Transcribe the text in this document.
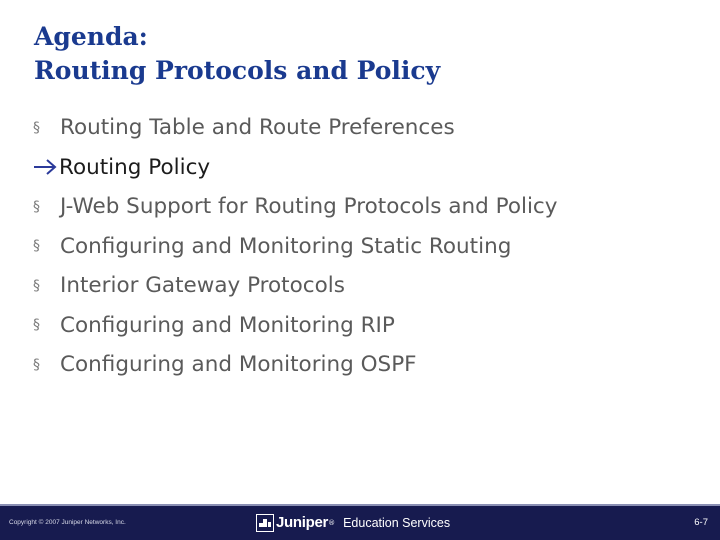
Agenda:
Routing Protocols and Policy
§ Routing Table and Route Preferences
Routing Policy
§ J-Web Support for Routing Protocols and Policy
§ Configuring and Monitoring Static Routing
§ Interior Gateway Protocols
§ Configuring and Monitoring RIP
§ Configuring and Monitoring OSPF
Copyright © 2007 Juniper Networks, Inc.	Juniper ® Education Services	6-7
